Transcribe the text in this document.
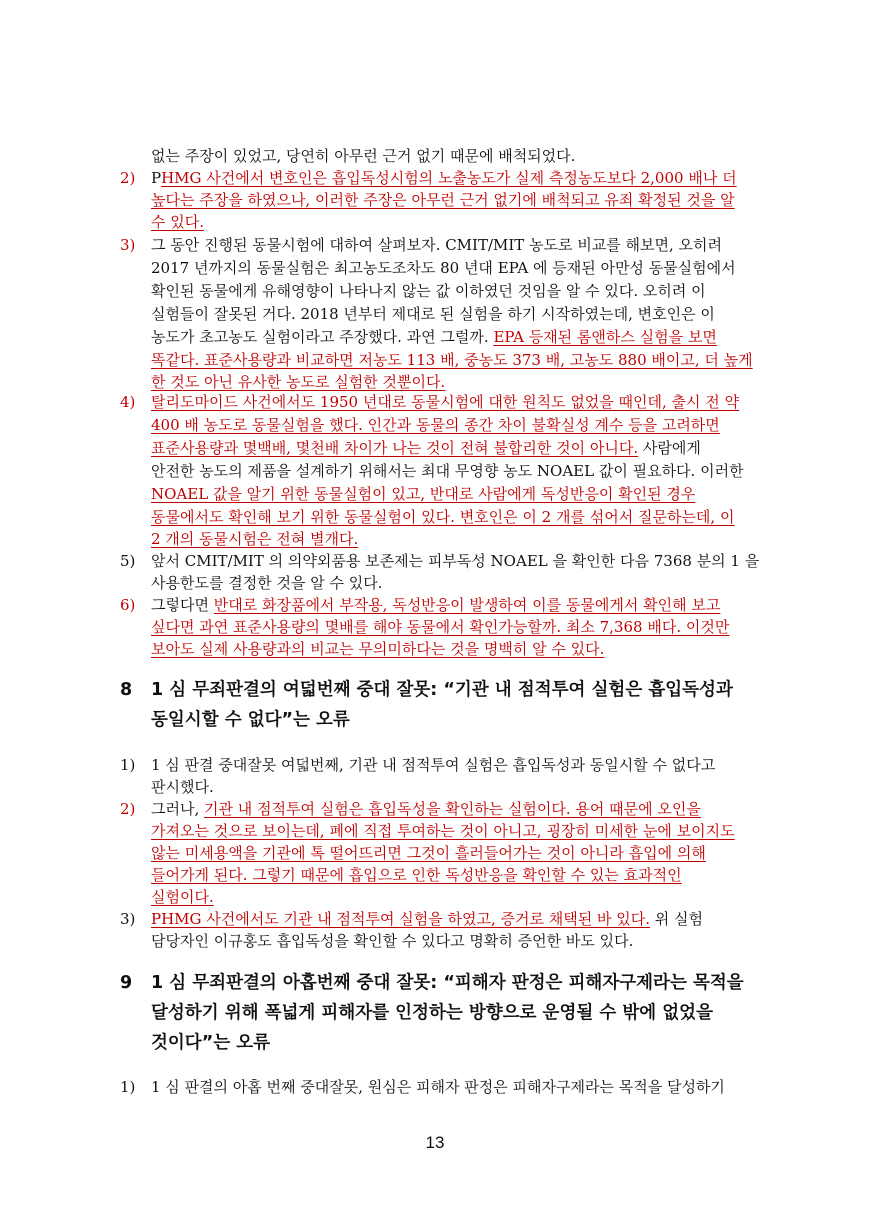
없는 주장이 있었고, 당연히 아무런 근거 없기 때문에 배척되었다.
2) PHMG 사건에서 변호인은 흡입독성시험의 노출농도가 실제 측정농도보다 2,000 배나 더
높다는 주장을 하였으나, 이러한 주장은 아무런 근거 없기에 배척되고 유죄 확정된 것을 알
수 있다.
3) 그 동안 진행된 동물시험에 대하여 살펴보자. CMIT/MIT 농도로 비교를 해보면, 오히려
2017 년까지의 동물실험은 최고농도조차도 80 년대 EPA 에 등재된 아만성 동물실험에서
확인된 동물에게 유해영향이 나타나지 않는 값 이하였던 것임을 알 수 있다. 오히려 이
실험들이 잘못된 거다. 2018 년부터 제대로 된 실험을 하기 시작하였는데, 변호인은 이
농도가 초고농도 실험이라고 주장했다. 과연 그럴까. EPA 등재된 롬앤하스 실험을 보면
똑같다. 표준사용량과 비교하면 저농도 113 배, 중농도 373 배, 고농도 880 배이고, 더 높게
한 것도 아닌 유사한 농도로 실험한 것뿐이다.
4) 탈리도마이드 사건에서도 1950 년대로 동물시험에 대한 원칙도 없었을 때인데, 출시 전 약
400 배 농도로 동물실험을 했다. 인간과 동물의 종간 차이 불확실성 계수 등을 고려하면
표준사용량과 몇백배, 몇천배 차이가 나는 것이 전혀 불합리한 것이 아니다. 사람에게
안전한 농도의 제품을 설계하기 위해서는 최대 무영향 농도 NOAEL 값이 필요하다. 이러한
NOAEL 값을 알기 위한 동물실험이 있고, 반대로 사람에게 독성반응이 확인된 경우
동물에서도 확인해 보기 위한 동물실험이 있다. 변호인은 이 2 개를 섞어서 질문하는데, 이
2 개의 동물시험은 전혀 별개다.
5) 앞서 CMIT/MIT 의 의약외품용 보존제는 피부독성 NOAEL 을 확인한 다음 7368 분의 1 을
사용한도를 결정한 것을 알 수 있다.
6) 그렇다면 반대로 화장품에서 부작용, 독성반응이 발생하여 이를 동물에게서 확인해 보고
싶다면 과연 표준사용량의 몇배를 해야 동물에서 확인가능할까. 최소 7,368 배다. 이것만
보아도 실제 사용량과의 비교는 무의미하다는 것을 명백히 알 수 있다.
8 1 심 무죄판결의 여덟번째 중대 잘못: “기관 내 점적투여 실험은 흡입독성과
동일시할 수 없다”는 오류
1) 1 심 판결 중대잘못 여덟번째, 기관 내 점적투여 실험은 흡입독성과 동일시할 수 없다고
판시했다.
2) 그러나, 기관 내 점적투여 실험은 흡입독성을 확인하는 실험이다. 용어 때문에 오인을
가져오는 것으로 보이는데, 폐에 직접 투여하는 것이 아니고, 굉장히 미세한 눈에 보이지도
않는 미세용액을 기관에 톡 떨어뜨리면 그것이 흘러들어가는 것이 아니라 흡입에 의해
들어가게 된다. 그렇기 때문에 흡입으로 인한 독성반응을 확인할 수 있는 효과적인
실험이다.
3) PHMG 사건에서도 기관 내 점적투여 실험을 하였고, 증거로 채택된 바 있다. 위 실험
담당자인 이규홍도 흡입독성을 확인할 수 있다고 명확히 증언한 바도 있다.
9 1 심 무죄판결의 아홉번째 중대 잘못: “피해자 판정은 피해자구제라는 목적을
달성하기 위해 폭넓게 피해자를 인정하는 방향으로 운영될 수 밖에 없었을
것이다”는 오류
1) 1 심 판결의 아홉 번째 중대잘못, 원심은 피해자 판정은 피해자구제라는 목적을 달성하기
13
